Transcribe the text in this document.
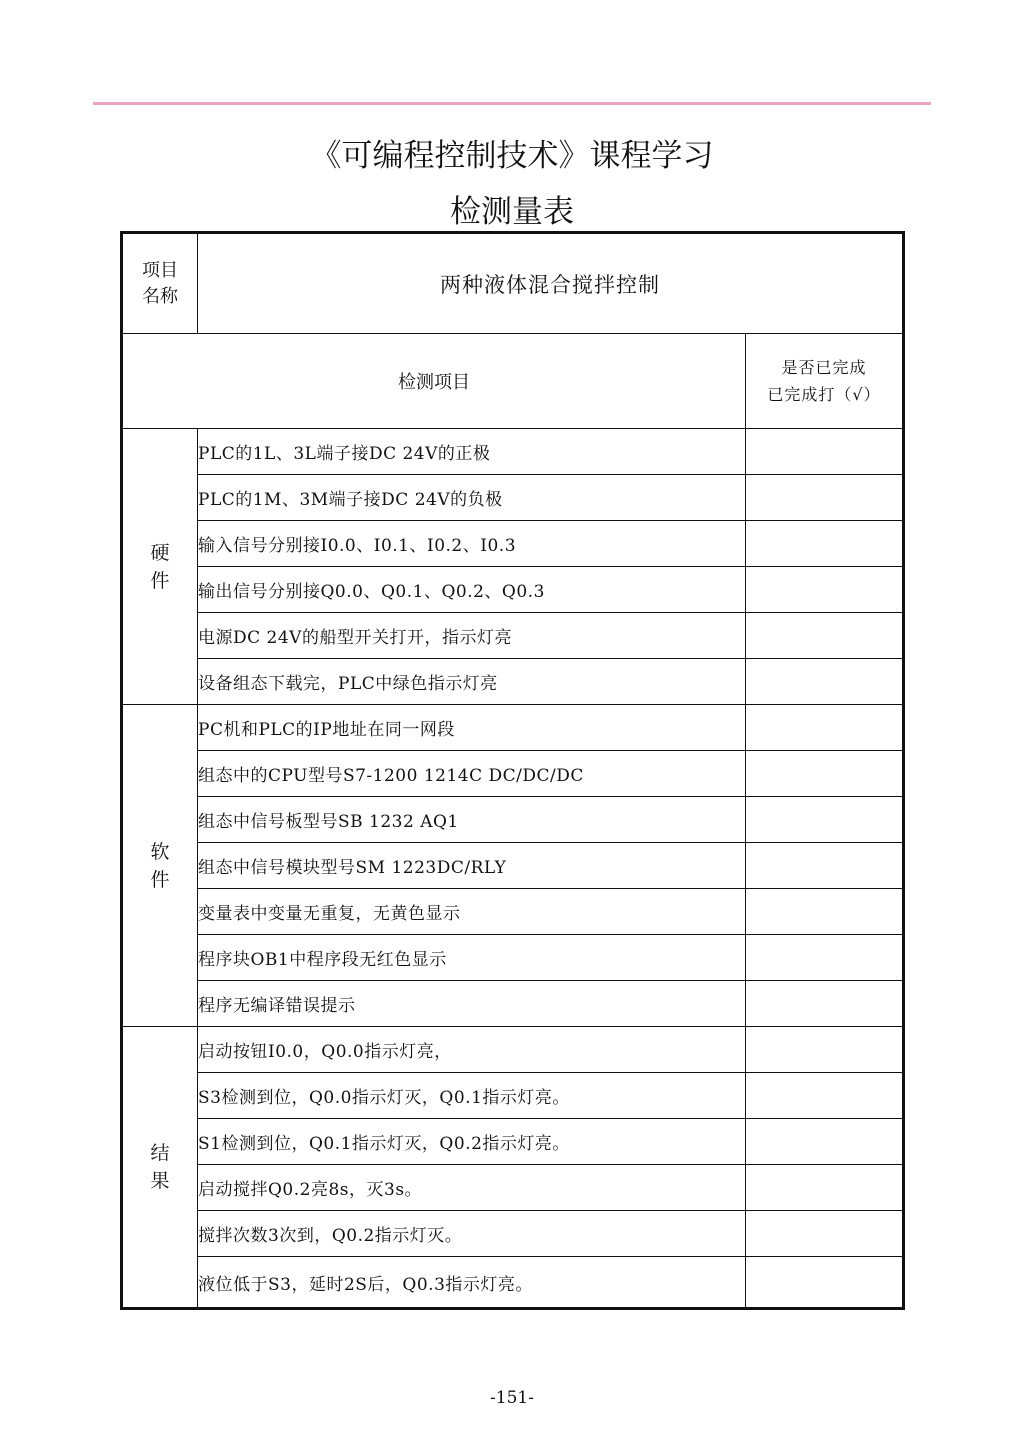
《可编程控制技术》课程学习
检测量表
项目
名称	两种液体混合搅拌控制	
检测项目		是否已完成
已完成打（√）

硬
件	PLC的1L、3L端子接DC 24V的正极	
	PLC的1M、3M端子接DC 24V的负极	
	输入信号分别接I0.0、I0.1、I0.2、I0.3	
	输出信号分别接Q0.0、Q0.1、Q0.2、Q0.3	
	电源DC 24V的船型开关打开，指示灯亮	
	设备组态下载完，PLC中绿色指示灯亮	

软
件	PC机和PLC的IP地址在同一网段	
	组态中的CPU型号S7-1200 1214C DC/DC/DC	
	组态中信号板型号SB 1232 AQ1	
	组态中信号模块型号SM 1223DC/RLY	
	变量表中变量无重复，无黄色显示	
	程序块OB1中程序段无红色显示	
	程序无编译错误提示	

结
果	启动按钮I0.0，Q0.0指示灯亮，	
	S3检测到位，Q0.0指示灯灭，Q0.1指示灯亮。	
	S1检测到位，Q0.1指示灯灭，Q0.2指示灯亮。	
	启动搅拌Q0.2亮8s，灭3s。	
	搅拌次数3次到，Q0.2指示灯灭。	
	液位低于S3，延时2S后，Q0.3指示灯亮。	
-151-
